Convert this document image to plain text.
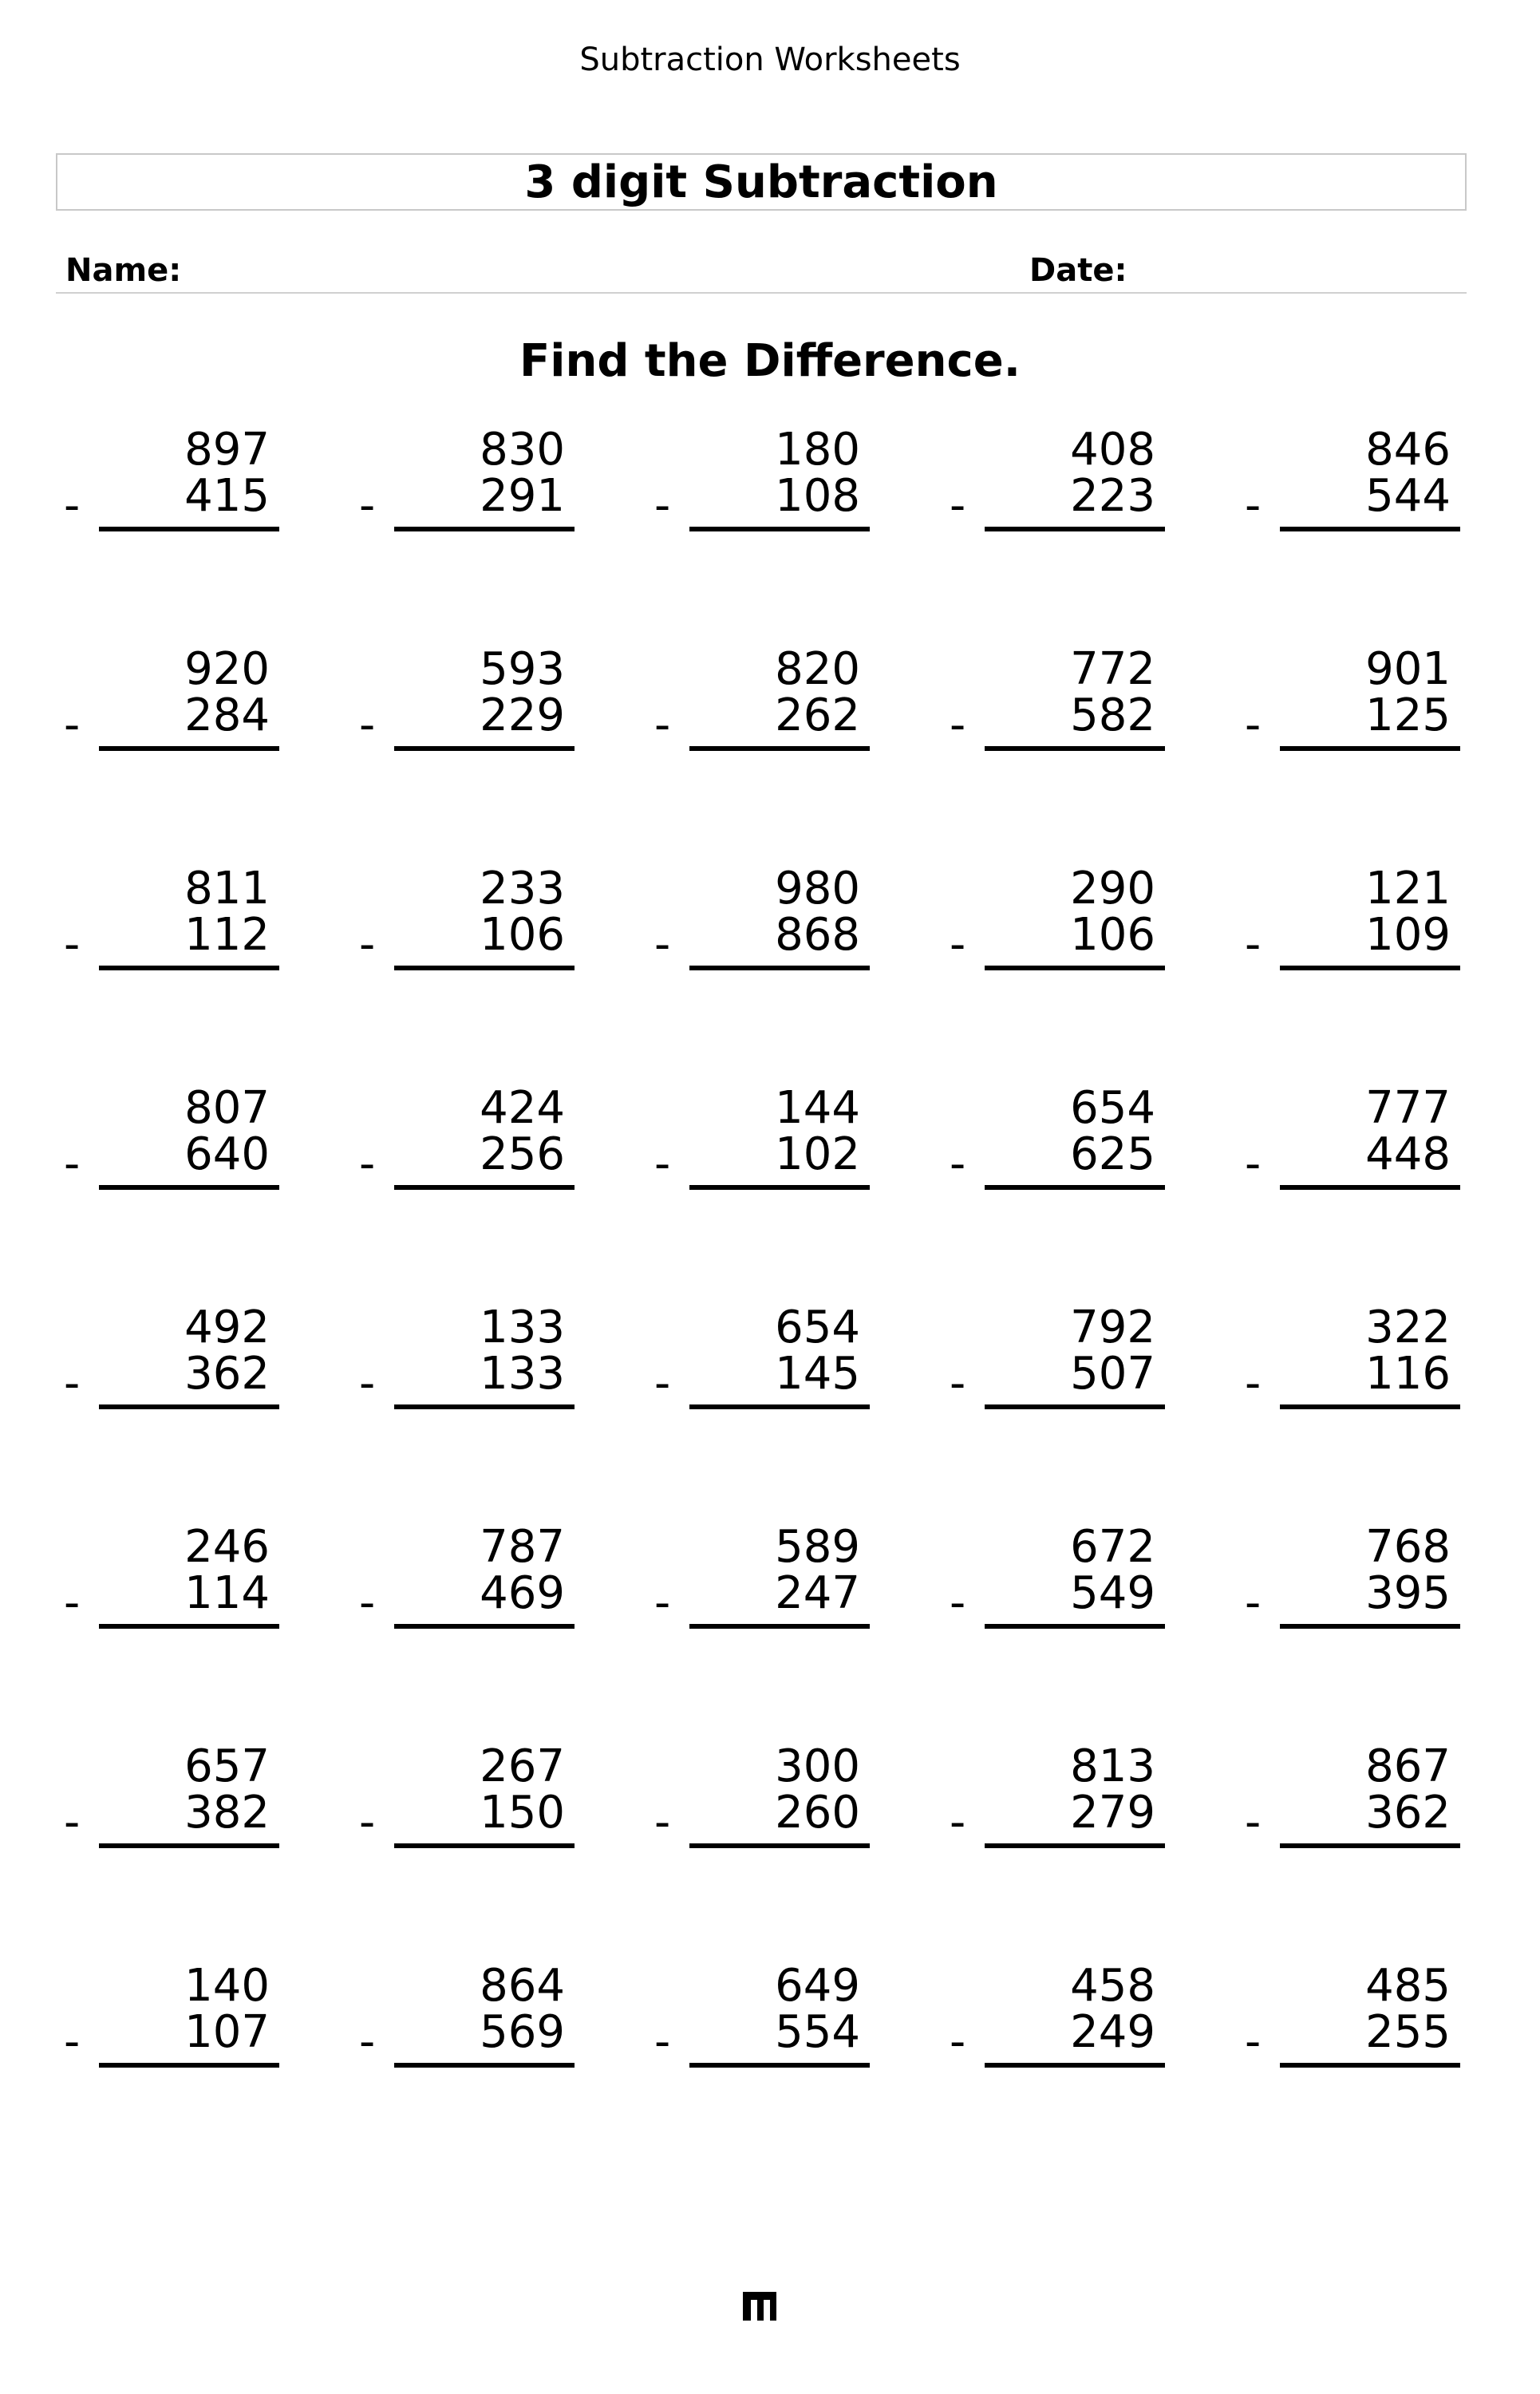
Subtraction Worksheets
3 digit Subtraction
Name:	Date:
Find the Difference.
897
- 415
830
- 291
180
- 108
408
- 223
846
- 544
920
- 284
593
- 229
820
- 262
772
- 582
901
- 125
811
- 112
233
- 106
980
- 868
290
- 106
121
- 109
807
- 640
424
- 256
144
- 102
654
- 625
777
- 448
492
- 362
133
- 133
654
- 145
792
- 507
322
- 116
246
- 114
787
- 469
589
- 247
672
- 549
768
- 395
657
- 382
267
- 150
300
- 260
813
- 279
867
- 362
140
- 107
864
- 569
649
- 554
458
- 249
485
- 255
